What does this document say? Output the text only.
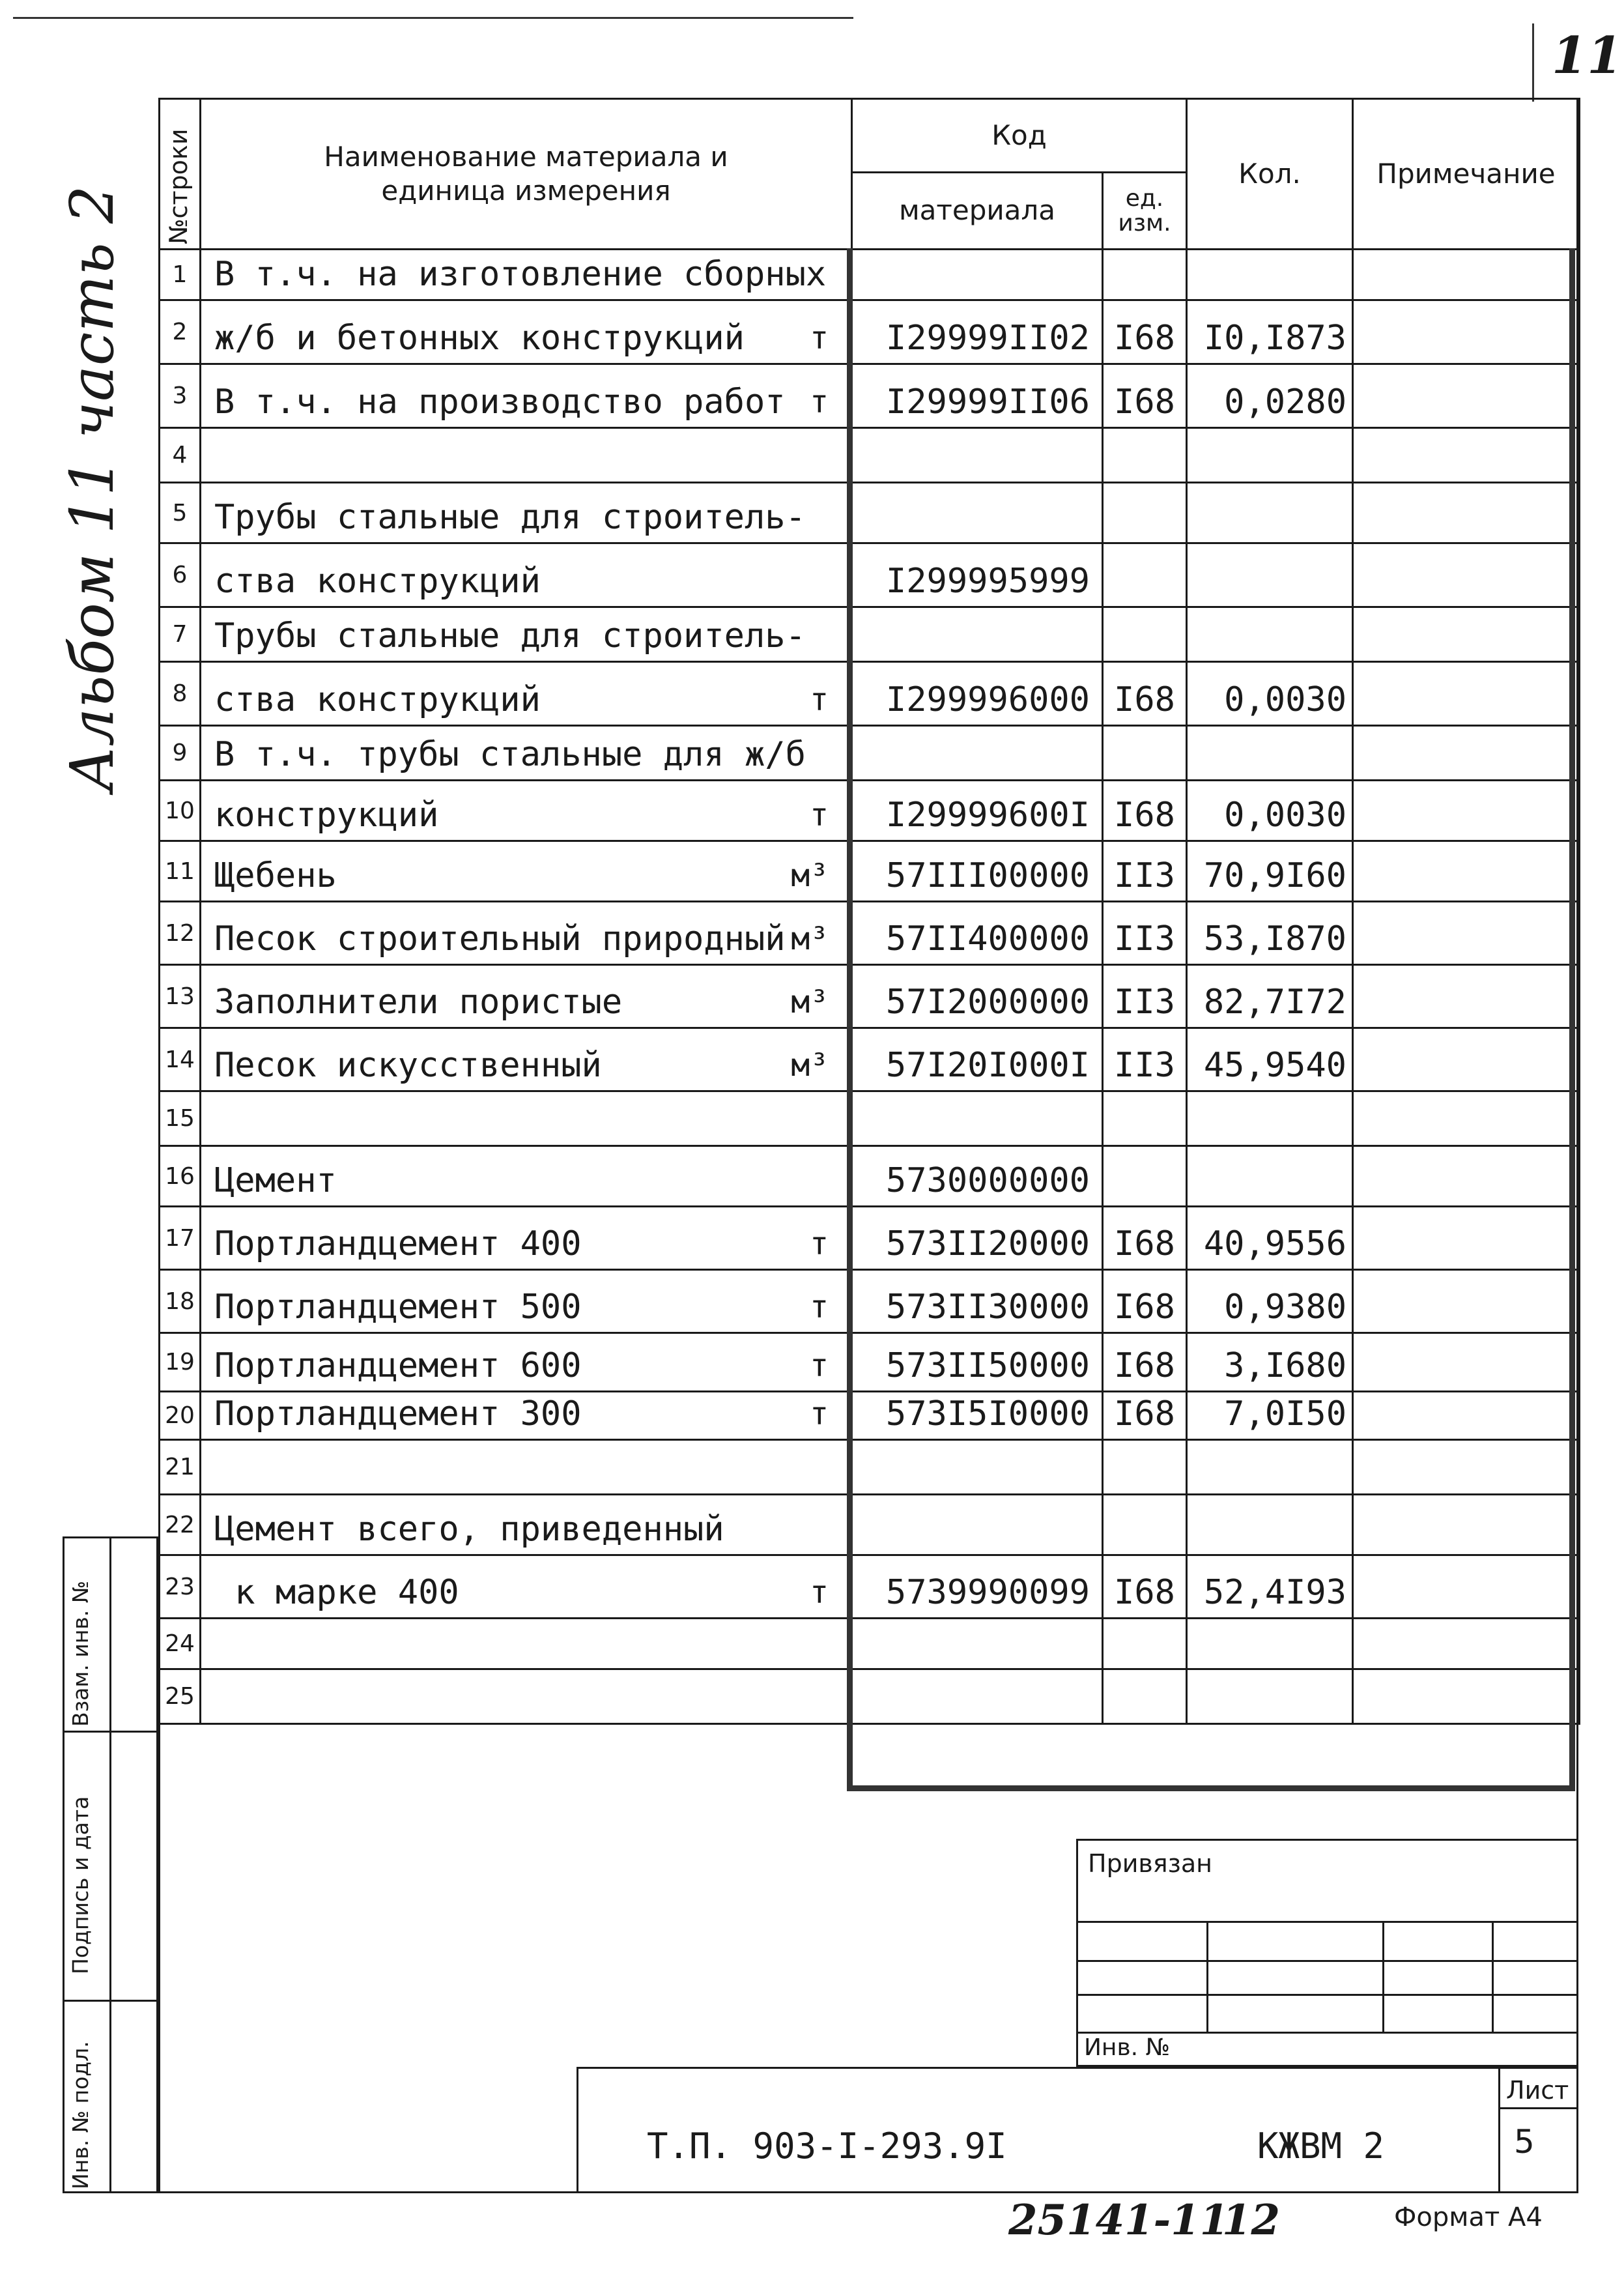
11
Альбом 11 часть 2 №строки	Наименование материала и
единица измерения	Код		Кол.	Примечание
		материала	ед.
изм.		
1	В т.ч. на изготовление сборных

2	ж/б и бетонных конструкций т	I29999II02	I68	I0,I873	
3	В т.ч. на производство работ т	I29999II06	I68	0,0280	
4	

5	Трубы стальные для строитель-

6	ства конструкций	I299995999			
7	Трубы стальные для строитель-

8	ства конструкций т	I299996000	I68	0,0030	
9	В т.ч. трубы стальные для ж/б

10	конструкций т	I29999600I	I68	0,0030	
11	Щебень м³	57III00000	II3	70,9I60	
12	Песок строительный природный м³	57II400000	II3	53,I870	
13	Заполнители пористые м³	57I2000000	II3	82,7I72	
14	Песок искусственный м³	57I20I000I	II3	45,9540	
15	

16	Цемент	5730000000			
17	Портландцемент 400 т	573II20000	I68	40,9556	
18	Портландцемент 500 т	573II30000	I68	0,9380	
19	Портландцемент 600 т	573II50000	I68	3,I680	
20	Портландцемент 300 т	573I5I0000	I68	7,0I50	
21	

22	Цемент всего, приведенный

23	к марке 400 т	5739990099	I68	52,4I93	
24	

25	

Взам. инв. №
Подпись и дата
Инв. № подл.
Привязан
Инв. №
Лист
5
Т.П. 903-I-293.9I	КЖВМ 2
25141-11
12	Формат А4
